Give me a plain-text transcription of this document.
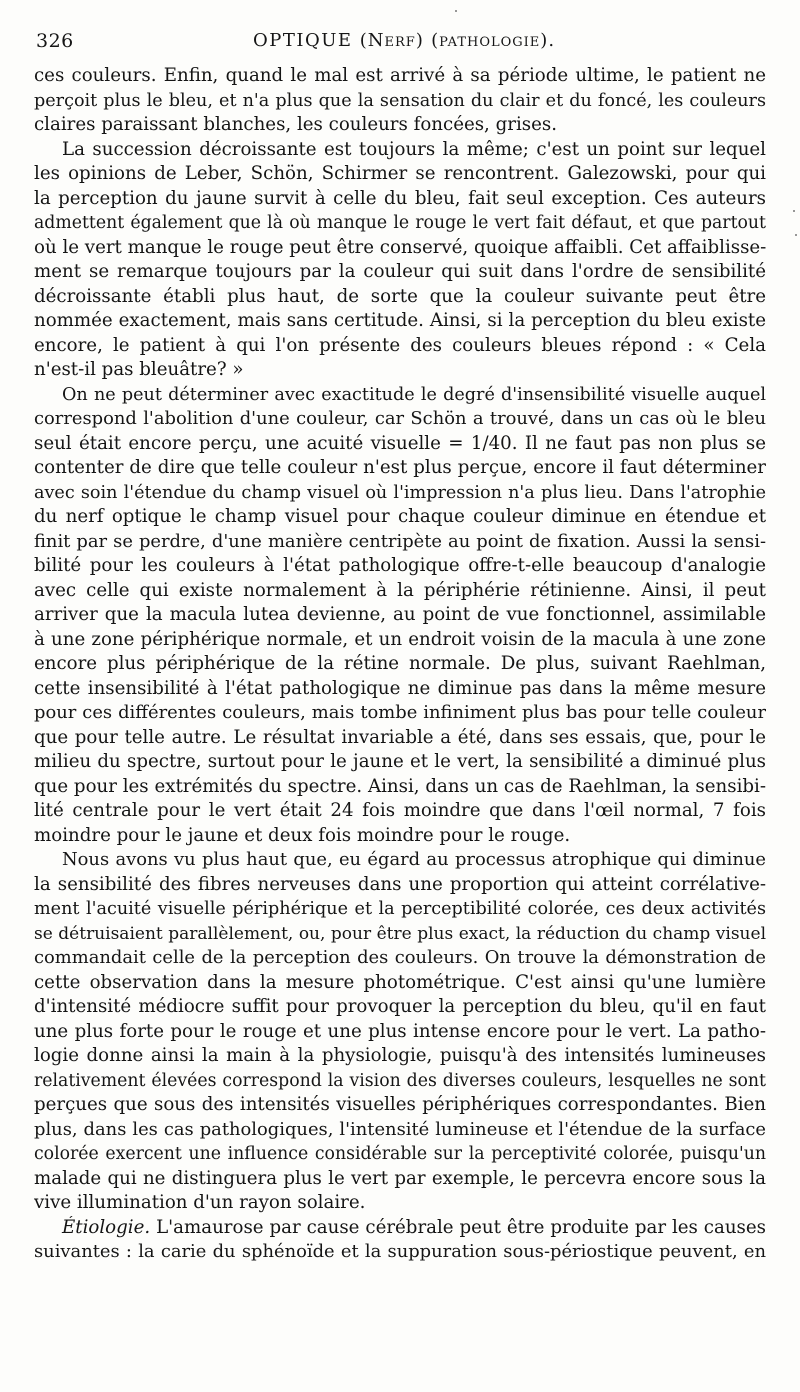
326	OPTIQUE (Nerf) (pathologie).
ces couleurs. Enfin, quand le mal est arrivé à sa période ultime, le patient ne
perçoit plus le bleu, et n'a plus que la sensation du clair et du foncé, les couleurs
claires paraissant blanches, les couleurs foncées, grises.
La succession décroissante est toujours la même; c'est un point sur lequel
les opinions de Leber, Schön, Schirmer se rencontrent. Galezowski, pour qui
la perception du jaune survit à celle du bleu, fait seul exception. Ces auteurs
admettent également que là où manque le rouge le vert fait défaut, et que partout
où le vert manque le rouge peut être conservé, quoique affaibli. Cet affaiblisse-
ment se remarque toujours par la couleur qui suit dans l'ordre de sensibilité
décroissante établi plus haut, de sorte que la couleur suivante peut être
nommée exactement, mais sans certitude. Ainsi, si la perception du bleu existe
encore, le patient à qui l'on présente des couleurs bleues répond : « Cela
n'est-il pas bleuâtre? »
On ne peut déterminer avec exactitude le degré d'insensibilité visuelle auquel
correspond l'abolition d'une couleur, car Schön a trouvé, dans un cas où le bleu
seul était encore perçu, une acuité visuelle = 1/40. Il ne faut pas non plus se
contenter de dire que telle couleur n'est plus perçue, encore il faut déterminer
avec soin l'étendue du champ visuel où l'impression n'a plus lieu. Dans l'atrophie
du nerf optique le champ visuel pour chaque couleur diminue en étendue et
finit par se perdre, d'une manière centripète au point de fixation. Aussi la sensi-
bilité pour les couleurs à l'état pathologique offre-t-elle beaucoup d'analogie
avec celle qui existe normalement à la périphérie rétinienne. Ainsi, il peut
arriver que la macula lutea devienne, au point de vue fonctionnel, assimilable
à une zone périphérique normale, et un endroit voisin de la macula à une zone
encore plus périphérique de la rétine normale. De plus, suivant Raehlman,
cette insensibilité à l'état pathologique ne diminue pas dans la même mesure
pour ces différentes couleurs, mais tombe infiniment plus bas pour telle couleur
que pour telle autre. Le résultat invariable a été, dans ses essais, que, pour le
milieu du spectre, surtout pour le jaune et le vert, la sensibilité a diminué plus
que pour les extrémités du spectre. Ainsi, dans un cas de Raehlman, la sensibi-
lité centrale pour le vert était 24 fois moindre que dans l'œil normal, 7 fois
moindre pour le jaune et deux fois moindre pour le rouge.
Nous avons vu plus haut que, eu égard au processus atrophique qui diminue
la sensibilité des fibres nerveuses dans une proportion qui atteint corrélative-
ment l'acuité visuelle périphérique et la perceptibilité colorée, ces deux activités
se détruisaient parallèlement, ou, pour être plus exact, la réduction du champ visuel
commandait celle de la perception des couleurs. On trouve la démonstration de
cette observation dans la mesure photométrique. C'est ainsi qu'une lumière
d'intensité médiocre suffit pour provoquer la perception du bleu, qu'il en faut
une plus forte pour le rouge et une plus intense encore pour le vert. La patho-
logie donne ainsi la main à la physiologie, puisqu'à des intensités lumineuses
relativement élevées correspond la vision des diverses couleurs, lesquelles ne sont
perçues que sous des intensités visuelles périphériques correspondantes. Bien
plus, dans les cas pathologiques, l'intensité lumineuse et l'étendue de la surface
colorée exercent une influence considérable sur la perceptivité colorée, puisqu'un
malade qui ne distinguera plus le vert par exemple, le percevra encore sous la
vive illumination d'un rayon solaire.
Étiologie. L'amaurose par cause cérébrale peut être produite par les causes
suivantes : la carie du sphénoïde et la suppuration sous-périostique peuvent, en
